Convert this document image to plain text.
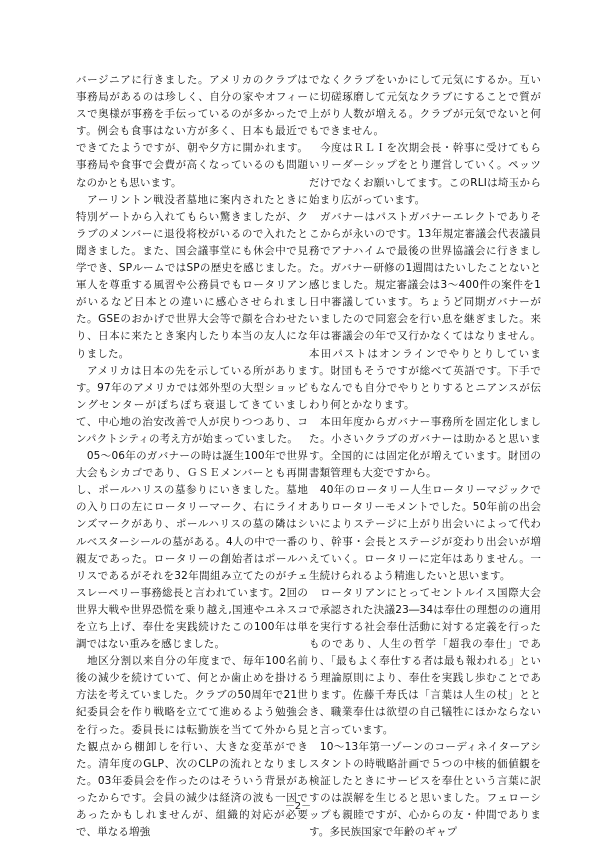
バージニアに行きました。アメリカのクラブは事務局があるのは珍しく、自分の家やオフィースで奥様が事務を手伝っているのが多かったです。例会も食事はない方が多く、日本も最近でできてたようですが、朝や夕方に開かれます。事務局や食事で会費が高くなっているのも問題なのかとも思います。

　アーリントン戦没者墓地に案内されたときに特別ゲートから入れてもらい驚きましたが、クラブのメンバーに退役将校がいるので入れたと聞きました。また、国会議事堂にも休会中で見学でき、SPルームではSPの歴史を感じました。軍人を尊重する風習や公務員でもロータリアンがいるなど日本との違いに感心させられました。GSEのおかげで世界大会等で顔を合わせたり、日本に来たとき案内したり本当の友人になりました。

　アメリカは日本の先を示している所があります。97年のアメリカでは郊外型の大型ショッピングセンターがぽちぽち衰退してきていまして、中心地の治安改善で人が戻りつつあり、コンパクトシティの考え方が始まっていました。

　05～06年のガバナーの時は誕生100年で世界大会もシカゴであり、ＧＳＥメンバーとも再開し、ポールハリスの墓参りにいきました。墓地の入り口の左にロータリーマーク、右にライオンズマークがあり、ポールハリスの墓の隣はシルベスターシールの墓がある。4人の中で一番の親友であった。ロータリーの創始者はポールハリスであるがそれを32年間組み立てたのがチェスレーペリー事務総長と言われています。2回の世界大戦や世界恐慌を乗り越え,国連やユネスコを立ち上げ、奉仕を実践続けたこの100年は単調ではない重みを感じました。

　地区分割以来自分の年度まで、毎年100名前後の減少を続けていて、何とか歯止めを掛ける方法を考えていました。クラブの50周年で21世紀委員会を作り戦略を立てて進めるよう勉強会を行った。委員長には転勤族を当てて外から見た観点から棚卸しを行い、大きな変革ができた。清年度のGLP、次のCLPの流れとなりました。03年委員会を作ったのはそういう背景があったからです。会員の減少は経済の波も一因であったかもしれませんが、組織的対応が必要で、単なる増強

でなくクラブをいかにして元気にするか。互いに切磋琢磨して元気なクラブにすることで質が上がり人数が増える。クラブが元気でないと何もできません。

　今度はＲＬＩを次期会長・幹事に受けてもらいリーダーシップをとり運営していく。ペッツだけでなくお願いしてます。このRLIは埼玉から始まり広がっています。

　ガバナーはパストガバナーエレクトでありそこからが永いのです。13年規定審議会代表議員務でアナハイムで最後の世界協議会に行きました。ガバナー研修の1週間はたいしたことないと感じました。規定審議会は3～400件の案件を1日中審議しています。ちょうど同期ガバナーがいましたので同窓会を行い息を継ぎました。来年は審議会の年で又行かなくてはなりません。本田パストはオンラインでやりとりしています。財団もそうですが総べて英語です。下手でもなんでも自分でやりとりするとニアンスが伝わり何とかなります。

　本田年度からガバナー事務所を固定化しました。小さいクラブのガバナーは助かると思います。全国的には固定化が増えています。財団の書類管理も大変ですから。

　40年のロータリー人生ロータリーマジックでありロータリーモメントでした。50年前の出会いによりステージに上がり出会いによって代わり、幹事・会長とステージが変わり出会いが増えていく。ロータリーに定年はありません。一生続けられるよう精進したいと思います。

　ロータリアンにとってセントルイス国際大会で承認された決議23―34は奉仕の理想のの適用を実行する社会奉仕活動に対する定義を行ったものであり、人生の哲学「超我の奉仕」であり、「最もよく奉仕する者は最も報われる」という理論原則により、奉仕を実践し歩むことであります。佐藤千寿氏は「言葉は人生の杖」ととき、職業奉仕は欲望の自己犠牲にほかならないと言っています。

　10～13年第一ゾーンのコーディネイターアシスタントの時戦略計画で５つの中核的価値観を検証したときにサービスを奉仕という言葉に訳すのは誤解を生じると思いました。フェローシップも親睦ですが、心からの友・仲間であります。多民族国家で年齢のギャプ

－2－
